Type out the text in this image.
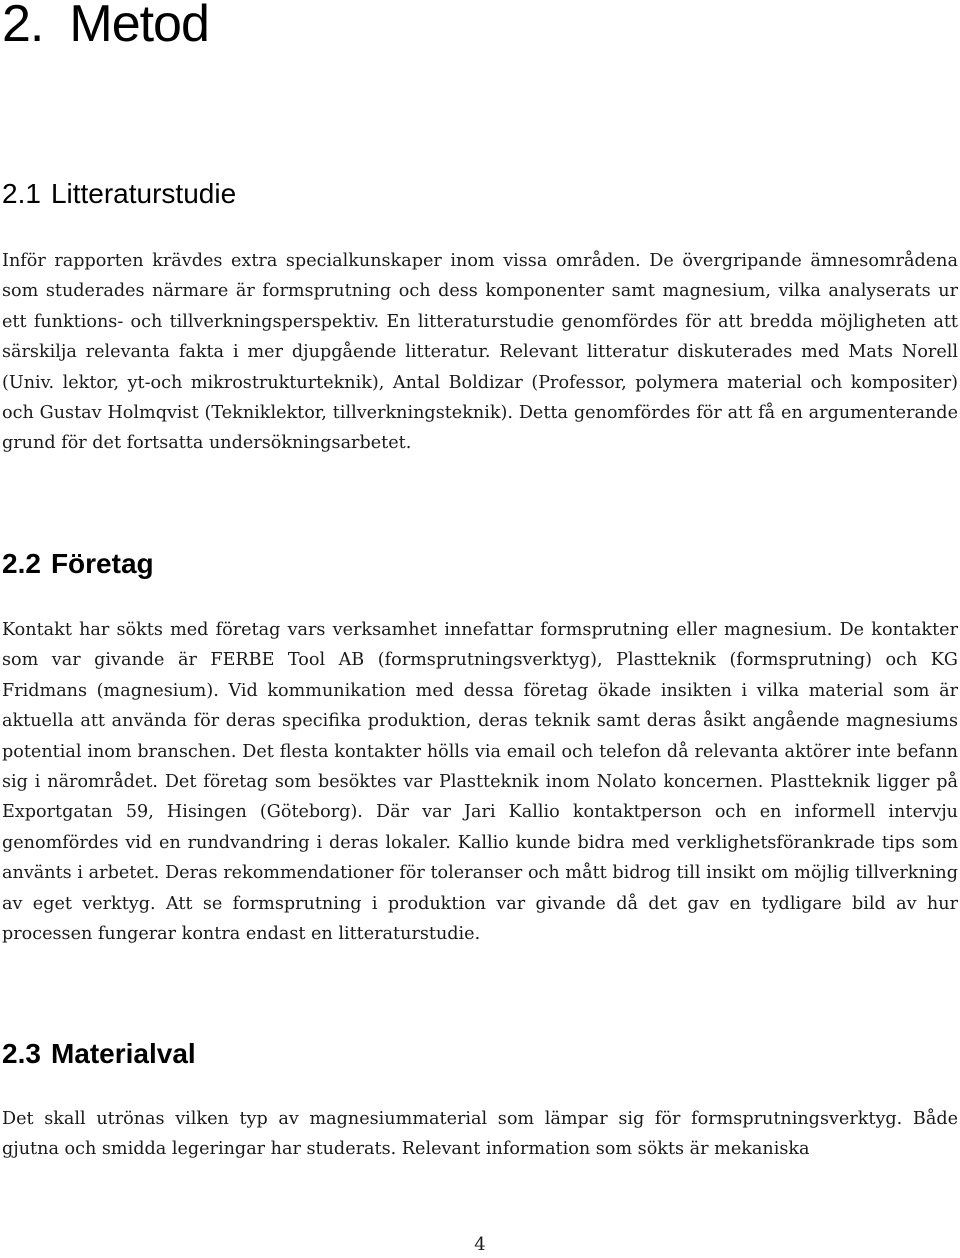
2. Metod
2.1 Litteraturstudie

Inför rapporten krävdes extra specialkunskaper inom vissa områden. De övergripande ämnesområdena som studerades närmare är formsprutning och dess komponenter samt magnesium, vilka analyserats ur ett funktions- och tillverkningsperspektiv. En litteraturstudie genomfördes för att bredda möjligheten att särskilja relevanta fakta i mer djupgående litteratur. Relevant litteratur diskuterades med Mats Norell (Univ. lektor, yt-och mikrostrukturteknik), Antal Boldizar (Professor, polymera material och kompositer) och Gustav Holmqvist (Tekniklektor, tillverkningsteknik). Detta genomfördes för att få en argumenterande grund för det fortsatta undersökningsarbetet.

2.2 Företag

Kontakt har sökts med företag vars verksamhet innefattar formsprutning eller magnesium. De kontakter som var givande är FERBE Tool AB (formsprutningsverktyg), Plastteknik (formsprutning) och KG Fridmans (magnesium). Vid kommunikation med dessa företag ökade insikten i vilka material som är aktuella att använda för deras specifika produktion, deras teknik samt deras åsikt angående magnesiums potential inom branschen. Det flesta kontakter hölls via email och telefon då relevanta aktörer inte befann sig i närområdet. Det företag som besöktes var Plastteknik inom Nolato koncernen. Plastteknik ligger på Exportgatan 59, Hisingen (Göteborg). Där var Jari Kallio kontaktperson och en informell intervju genomfördes vid en rundvandring i deras lokaler. Kallio kunde bidra med verklighetsförankrade tips som använts i arbetet. Deras rekommendationer för toleranser och mått bidrog till insikt om möjlig tillverkning av eget verktyg. Att se formsprutning i produktion var givande då det gav en tydligare bild av hur processen fungerar kontra endast en litteraturstudie.

2.3 Materialval

Det skall utrönas vilken typ av magnesiummaterial som lämpar sig för formsprutningsverktyg. Både gjutna och smidda legeringar har studerats. Relevant information som sökts är mekaniska

4
